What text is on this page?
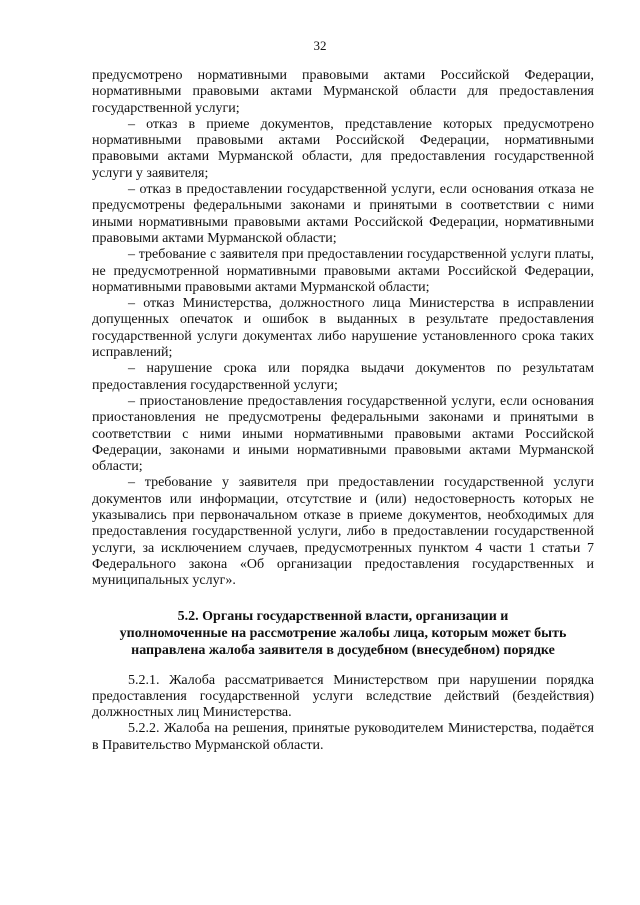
32

предусмотрено нормативными правовыми актами Российской Федерации, нормативными правовыми актами Мурманской области для предоставления государственной услуги;

– отказ в приеме документов, представление которых предусмотрено нормативными правовыми актами Российской Федерации, нормативными правовыми актами Мурманской области, для предоставления государственной услуги у заявителя;

– отказ в предоставлении государственной услуги, если основания отказа не предусмотрены федеральными законами и принятыми в соответствии с ними иными нормативными правовыми актами Российской Федерации, нормативными правовыми актами Мурманской области;

– требование с заявителя при предоставлении государственной услуги платы, не предусмотренной нормативными правовыми актами Российской Федерации, нормативными правовыми актами Мурманской области;

– отказ Министерства, должностного лица Министерства в исправлении допущенных опечаток и ошибок в выданных в результате предоставления государственной услуги документах либо нарушение установленного срока таких исправлений;

– нарушение срока или порядка выдачи документов по результатам предоставления государственной услуги;

– приостановление предоставления государственной услуги, если основания приостановления не предусмотрены федеральными законами и принятыми в соответствии с ними иными нормативными правовыми актами Российской Федерации, законами и иными нормативными правовыми актами Мурманской области;

– требование у заявителя при предоставлении государственной услуги документов или информации, отсутствие и (или) недостоверность которых не указывались при первоначальном отказе в приеме документов, необходимых для предоставления государственной услуги, либо в предоставлении государственной услуги, за исключением случаев, предусмотренных пунктом 4 части 1 статьи 7 Федерального закона «Об организации предоставления государственных и муниципальных услуг».

5.2. Органы государственной власти, организации и
уполномоченные на рассмотрение жалобы лица, которым может быть
направлена жалоба заявителя в досудебном (внесудебном) порядке

5.2.1. Жалоба рассматривается Министерством при нарушении порядка предоставления государственной услуги вследствие действий (бездействия) должностных лиц Министерства.

5.2.2. Жалоба на решения, принятые руководителем Министерства, подаётся в Правительство Мурманской области.
